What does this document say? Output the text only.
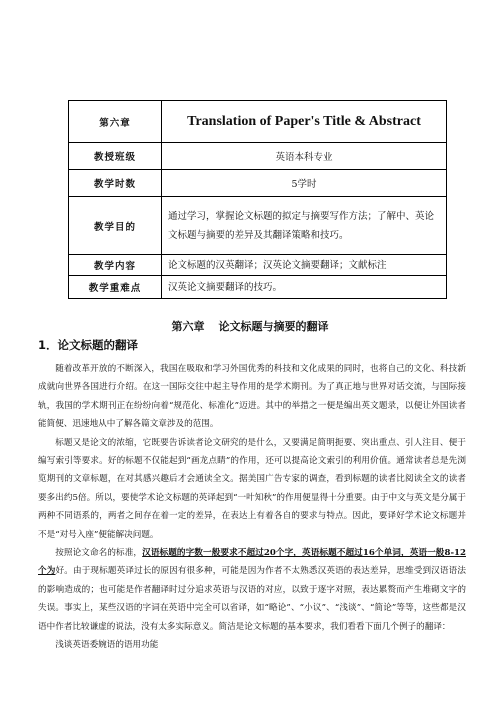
第六章	Translation of Paper's Title & Abstract
教授班级	英语本科专业
教学时数	5学时
教学目的	通过学习，掌握论文标题的拟定与摘要写作方法；了解中、英论文标题与摘要的差异及其翻译策略和技巧。
教学内容	论文标题的汉英翻译；汉英论文摘要翻译；文献标注
教学重难点	汉英论文摘要翻译的技巧。
第六章 论文标题与摘要的翻译
1．论文标题的翻译

随着改革开放的不断深入，我国在吸取和学习外国优秀的科技和文化成果的同时，也将自己的文化、科技新成就向世界各国进行介绍。在这一国际交往中起主导作用的是学术期刊。为了真正地与世界对话交流，与国际接轨，我国的学术期刊正在纷纷向着“规范化、标准化”迈进。其中的举措之一便是编出英文题录，以便让外国读者能简便、迅速地从中了解各篇文章涉及的范围。

标题又是论文的浓缩，它既要告诉读者论文研究的是什么，又要满足简明扼要、突出重点、引人注目、便于编写索引等要求。好的标题不仅能起到“画龙点睛”的作用，还可以提高论文索引的利用价值。通常读者总是先浏览期刊的文章标题，在对其感兴趣后才会通读全文。据美国广告专家的调查，看到标题的读者比阅读全文的读者要多出约5倍。所以，要使学术论文标题的英译起到“一叶知秋”的作用便显得十分重要。由于中文与英文是分属于两种不同语系的，两者之间存在着一定的差异，在表达上有着各自的要求与特点。因此，要译好学术论文标题并不是“对号入座”便能解决问题。

按照论文命名的标准，汉语标题的字数一般要求不超过20个字，英语标题不超过16个单词，英语一般8-12个为好。由于现标题英译过长的原因有很多种，可能是因为作者不太熟悉汉英语的表达差异，思维受到汉语语法的影响造成的；也可能是作者翻译时过分追求英语与汉语的对应，以致于逐字对照，表达累赘而产生堆砌文字的失误。事实上，某些汉语的字词在英语中完全可以省译，如“略论”、“小议”、“浅谈”、“简论”等等，这些都是汉语中作者比较谦虚的说法，没有太多实际意义。简洁是论文标题的基本要求，我们看看下面几个例子的翻译：

浅谈英语委婉语的语用功能
